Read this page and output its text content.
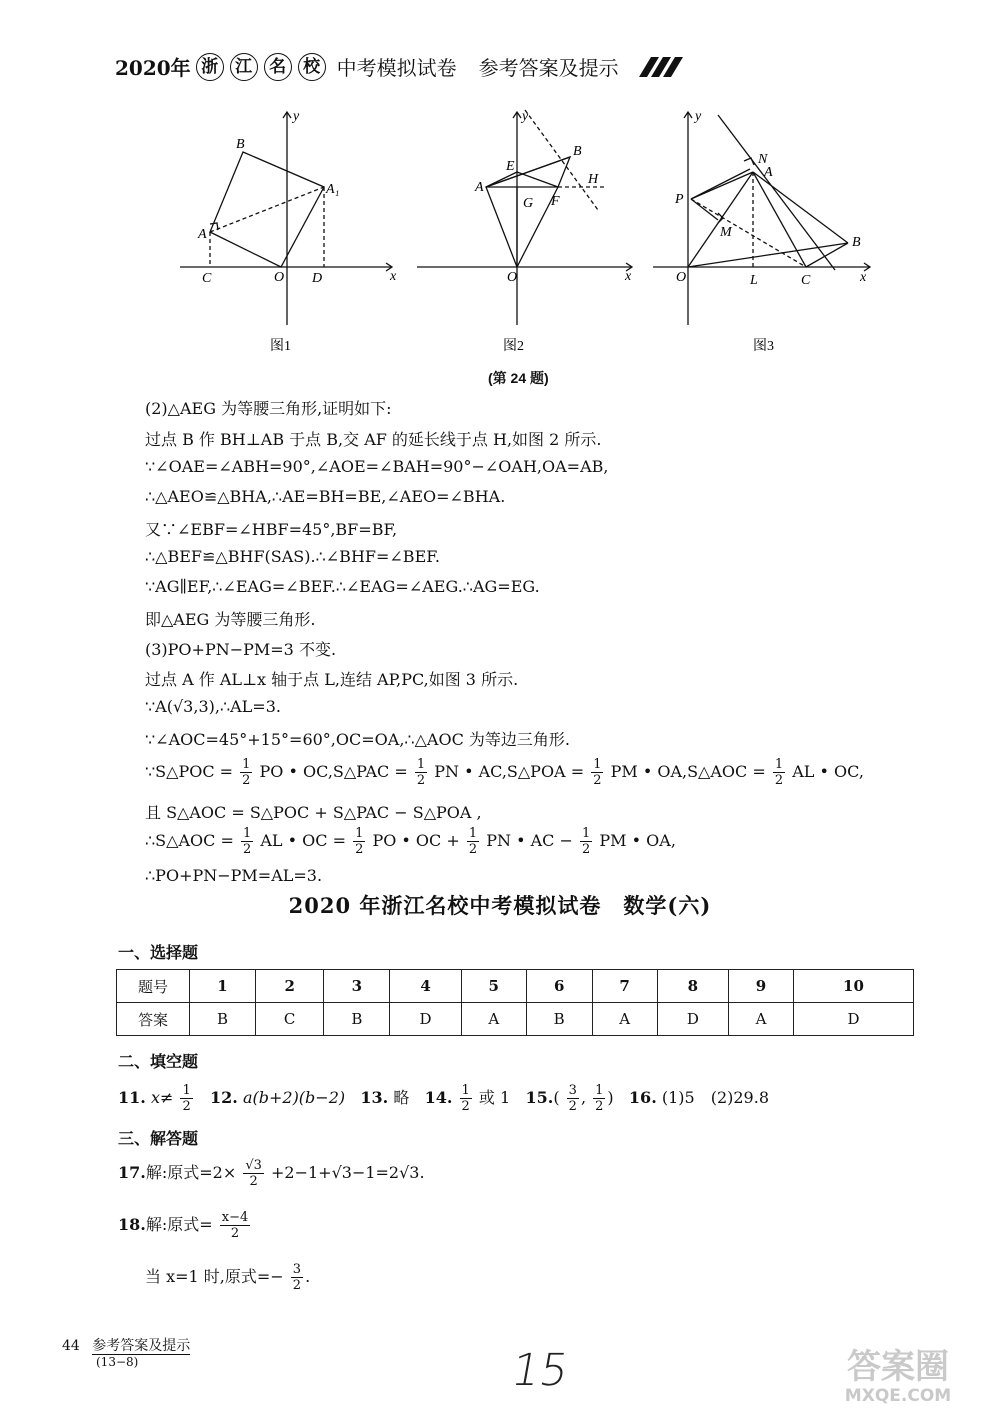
2020年 浙	江	名	校 中考模拟试卷 参考答案及提示
B
A₁
A
C	O D	x
y
图1
E
B
H
A
G F
O	x
y
图2
N
A
P
M
B
O	L	C	x
y
图3
(第 24 题)
(2)△AEG 为等腰三角形,证明如下:
过点 B 作 BH⊥AB 于点 B,交 AF 的延长线于点 H,如图 2 所示.
∵∠OAE=∠ABH=90°,∠AOE=∠BAH=90°−∠OAH,OA=AB,
∴△AEO≌△BHA,∴AE=BH=BE,∠AEO=∠BHA.
又∵∠EBF=∠HBF=45°,BF=BF,
∴△BEF≌△BHF(SAS).∴∠BHF=∠BEF.
∵AG∥EF,∴∠EAG=∠BEF.∴∠EAG=∠AEG.∴AG=EG.
即△AEG 为等腰三角形.
(3)PO+PN−PM=3 不变.
过点 A 作 AL⊥x 轴于点 L,连结 AP,PC,如图 3 所示.
∵A(√3,3),∴AL=3.
∵∠AOC=45°+15°=60°,OC=OA,∴△AOC 为等边三角形.
∵S△POC = $\frac{1}{2}$ PO • OC,S△PAC = $\frac{1}{2}$ PN • AC,S△POA = $\frac{1}{2}$ PM • OA,S△AOC = $\frac{1}{2}$ AL • OC,
且 S△AOC = S△POC + S△PAC − S△POA ,
∴S△AOC = $\frac{1}{2}$ AL • OC = $\frac{1}{2}$ PO • OC + $\frac{1}{2}$ PN • AC − $\frac{1}{2}$ PM • OA,
∴PO+PN−PM=AL=3.
2020 年浙江名校中考模拟试卷　数学(六)
一、选择题
题号	1	2	3	4	5	6	7	8	9	10
答案	B	C	B	D	A	B	A	D	A	D
二、填空题
11. $x\ne \frac{1}{2} 12$. a(b+2)(b−2) 13. 略 14. $\frac{1}{2}$ 或 1 $15.( \frac{3}{2}$ , $\frac{1}{2}$ ) 16. (1)5　(2)29.8
三、解答题
17.解:原式$=2\times \frac{√3}{2} +2-1+√3-1=2√3$.
18.解:原式= $\frac{x-4}{2}$
当 x=1 时,原式=− $\frac{3}{2}$ .
44 参考答案及提示
(13−8)	15	答案圈
MXQE.COM
